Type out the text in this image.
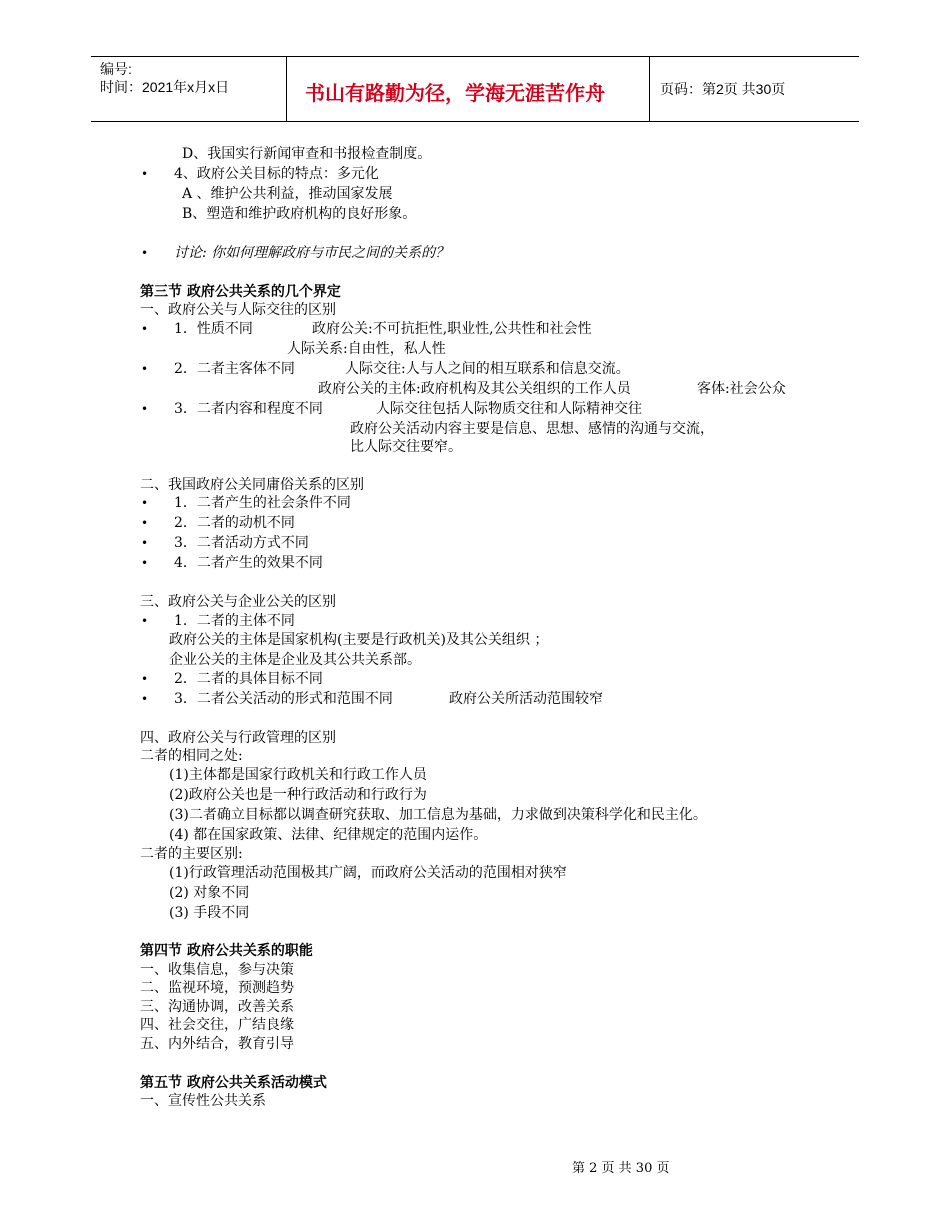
编号:
时间：2021年x月x日	书山有路勤为径，学海无涯苦作舟	页码：第2页 共30页
D、我国实行新闻审查和书报检查制度。
• 4、政府公关目标的特点：多元化
A 、维护公共利益，推动国家发展
B、塑造和维护政府机构的良好形象。
• 讨论: 你如何理解政府与市民之间的关系的？
第三节 政府公共关系的几个界定
一、政府公关与人际交往的区别
• 1．性质不同	政府公关:不可抗拒性,职业性,公共性和社会性
人际关系:自由性，私人性
• 2．二者主客体不同	人际交往:人与人之间的相互联系和信息交流。
政府公关的主体:政府机构及其公关组织的工作人员	客体:社会公众
• 3．二者内容和程度不同	人际交往包括人际物质交往和人际精神交往
政府公关活动内容主要是信息、思想、感情的沟通与交流，
比人际交往要窄。
二、我国政府公关同庸俗关系的区别
• 1．二者产生的社会条件不同
• 2．二者的动机不同
• 3．二者活动方式不同
• 4．二者产生的效果不同
三、政府公关与企业公关的区别
• 1．二者的主体不同
政府公关的主体是国家机构(主要是行政机关)及其公关组织 ；
企业公关的主体是企业及其公共关系部。
• 2．二者的具体目标不同
• 3．二者公关活动的形式和范围不同	政府公关所活动范围较窄
四、政府公关与行政管理的区别
二者的相同之处:
(1)主体都是国家行政机关和行政工作人员
(2)政府公关也是一种行政活动和行政行为
(3)二者确立目标都以调查研究获取、加工信息为基础，力求做到决策科学化和民主化。
(4) 都在国家政策、法律、纪律规定的范围内运作。
二者的主要区别:
(1)行政管理活动范围极其广阔，而政府公关活动的范围相对狭窄
(2) 对象不同
(3) 手段不同
第四节 政府公共关系的职能
一、收集信息，参与决策
二、监视环境，预测趋势
三、沟通协调，改善关系
四、社会交往，广结良缘
五、内外结合，教育引导
第五节 政府公共关系活动模式
一、宣传性公共关系
第 2 页 共 30 页
